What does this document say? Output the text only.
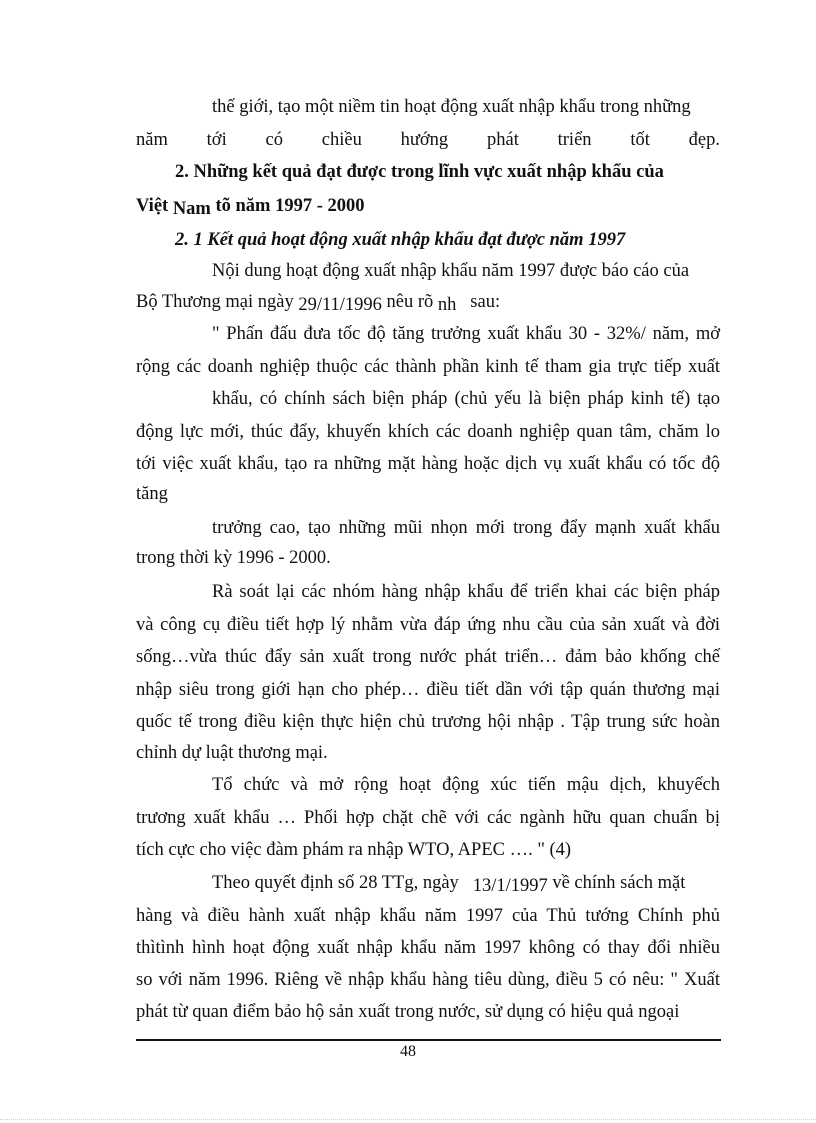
thế giới, tạo một niềm tin hoạt động xuất nhập khẩu trong những
năm tới có chiều hướng phát triển tốt đẹp.
2. Những kết quả đạt được trong lĩnh vực xuất nhập khẩu của
Việt Nam tõ năm 1997 - 2000
2. 1 Kết quả hoạt động xuất nhập khẩu đạt được năm 1997
Nội dung hoạt động xuất nhập khẩu năm 1997 được báo cáo của
Bộ Thương mại ngày 29/11/1996 nêu rõ nh sau:
" Phấn đấu đưa tốc độ tăng trưởng xuất khẩu 30 - 32%/ năm, mở
rộng các doanh nghiệp thuộc các thành phần kinh tế tham gia trực tiếp xuất
khẩu, có chính sách biện pháp (chủ yếu là biện pháp kinh tế) tạo
động lực mới, thúc đẩy, khuyến khích các doanh nghiệp quan tâm, chăm lo
tới việc xuất khẩu, tạo ra những mặt hàng hoặc dịch vụ xuất khẩu có tốc độ
tăng
trưởng cao, tạo những mũi nhọn mới trong đẩy mạnh xuất khẩu
trong thời kỳ 1996 - 2000.
Rà soát lại các nhóm hàng nhập khẩu để triển khai các biện pháp
và công cụ điều tiết hợp lý nhằm vừa đáp ứng nhu cầu của sản xuất và đời
sống…vừa thúc đẩy sản xuất trong nước phát triển… đảm bảo khống chế
nhập siêu trong giới hạn cho phép… điều tiết dần với tập quán thương mại
quốc tế trong điều kiện thực hiện chủ trương hội nhập . Tập trung sức hoàn
chỉnh dự luật thương mại.
Tổ chức và mở rộng hoạt động xúc tiến mậu dịch, khuyếch
trương xuất khẩu … Phối hợp chặt chẽ với các ngành hữu quan chuẩn bị
tích cực cho việc đàm phám ra nhập WTO, APEC …. " (4)
Theo quyết định số 28 TTg, ngày 13/1/1997 về chính sách mặt
hàng và điều hành xuất nhập khẩu năm 1997 của Thủ tướng Chính phủ
thìtình hình hoạt động xuất nhập khẩu năm 1997 không có thay đổi nhiều
so với năm 1996. Riêng về nhập khẩu hàng tiêu dùng, điều 5 có nêu: " Xuất
phát từ quan điểm bảo hộ sản xuất trong nước, sử dụng có hiệu quả ngoại
48
